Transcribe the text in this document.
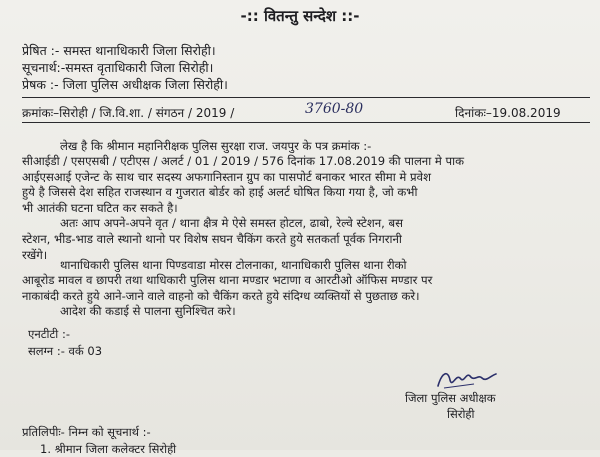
-:: वितन्तु सन्देश ::-
प्रेषित :- समस्त थानाधिकारी जिला सिरोही।
सूचनार्थ:-समस्त वृताधिकारी जिला सिरोही।
प्रेषक :- जिला पुलिस अधीक्षक जिला सिरोही।
क्रमांकः–सिरोही / जि.वि.शा. / संगठन / 2019 /	3760-80	दिनांकः–19.08.2019
लेख है कि श्रीमान महानिरीक्षक पुलिस सुरक्षा राज. जयपुर के पत्र क्रमांक :-
सीआईडी / एसएसबी / एटीएस / अलर्ट / 01 / 2019 / 576 दिनांक 17.08.2019 की पालना मे पाक
आईएसआई एजेन्ट के साथ चार सदस्य अफगानिस्तान ग्रुप का पासपोर्ट बनाकर भारत सीमा मे प्रवेश
हुये है जिससे देश सहित राजस्थान व गुजरात बोर्डर को हाई अलर्ट घोषित किया गया है, जो कभी
भी आतंकी घटना घटित कर सकते है।
अतः आप अपने-अपने वृत / थाना क्षैत्र मे ऐसे समस्त होटल, ढाबो, रेल्वे स्टेशन, बस
स्टेशन, भीड-भाड वाले स्थानो थानो पर विशेष सघन चैकिंग करते हुये सतकर्ता पूर्वक निगरानी
रखेंगे।
थानाधिकारी पुलिस थाना पिण्डवाडा मोरस टोलनाका, थानाधिकारी पुलिस थाना रीको
आबूरोड मावल व छापरी तथा थाधिकारी पुलिस थाना मण्डार भटाणा व आरटीओ ऑफिस मण्डार पर
नाकाबंदी करते हुये आने-जाने वाले वाहनो को चैकिंग करते हुये संदिग्ध व्यक्तियों से पुछताछ करे।
आदेश की कडाई से पालना सुनिश्चित करे।
एनटीटी :-
सलग्न :- वर्क 03
जिला पुलिस अधीक्षक
सिरोही
प्रतिलिपीः- निम्न को सूचनार्थ :-
1. श्रीमान जिला कलेक्टर सिरोही
